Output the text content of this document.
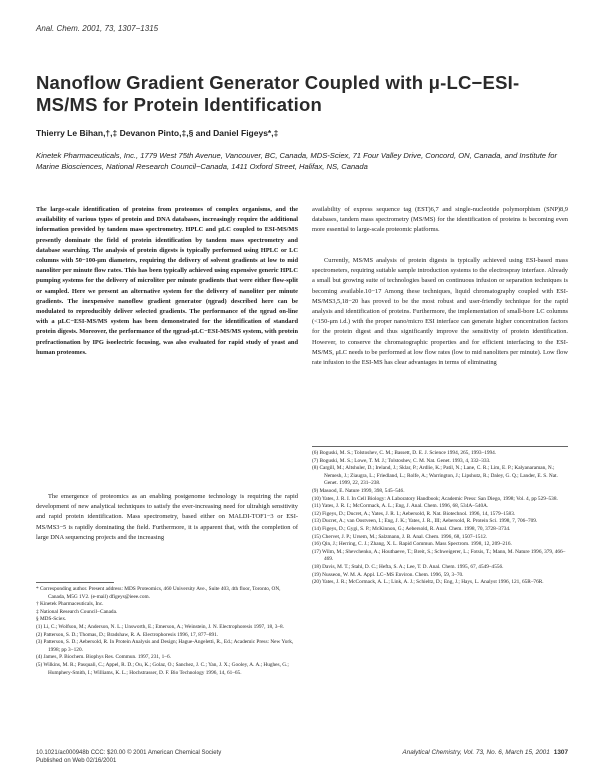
Anal. Chem. 2001, 73, 1307−1315
Nanoflow Gradient Generator Coupled with μ-LC−ESI-MS/MS for Protein Identification
Thierry Le Bihan,†,‡ Devanon Pinto,‡,§ and Daniel Figeys*,‡
Kinetek Pharmaceuticals, Inc., 1779 West 75th Avenue, Vancouver, BC, Canada, MDS-Sciex, 71 Four Valley Drive, Concord, ON, Canada, and Institute for Marine Biosciences, National Research Council−Canada, 1411 Oxford Street, Halifax, NS, Canada
The large-scale identification of proteins from proteomes of complex organisms, and the availability of various types of protein and DNA databases, increasingly require the additional information provided by tandem mass spectrometry. HPLC and μLC coupled to ESI-MS/MS presently dominate the field of protein identification by tandem mass spectrometry and database searching. The analysis of protein digests is typically performed using HPLC or LC columns with 50−100-μm diameters, requiring the delivery of solvent gradients at low to mid nanoliter per minute flow rates. This has been typically achieved using expensive generic HPLC pumping systems for the delivery of microliter per minute gradients that were either flow-split or sampled. Here we present an alternative system for the delivery of nanoliter per minute gradients. The inexpensive nanoflow gradient generator (ηgrad) described here can be modulated to reproducibly deliver selected gradients. The performance of the ηgrad on-line with a μLC−ESI-MS/MS system has been demonstrated for the identification of standard protein digests. Moreover, the performance of the ηgrad-μLC−ESI-MS/MS system, with protein prefractionation by IPG isoelectric focusing, was also evaluated for rapid study of yeast and human proteomes.
The emergence of proteomics as an enabling postgenome technology is requiring the rapid development of new analytical techniques to satisfy the ever-increasing need for ultrahigh sensitivity and rapid protein identification. Mass spectrometry, based either on MALDI-TOF1−3 or ESI-MS/MS3−5 is rapidly dominating the field. Furthermore, it is apparent that, with the completion of large DNA sequencing projects and the increasing
* Corresponding author. Present address: MDS Proteomics, 460 University Ave., Suite 403, 4th floor, Toronto, ON, Canada, M5G 1V2. (e-mail) dfigeys@ieee.com.
† Kinetek Pharmaceuticals, Inc.
‡ National Research Council−Canada.
§ MDS-Sciex.
(1) Li, C.; Wolfson, M.; Anderson, N. L.; Unsworth, E.; Emerson, A.; Weinstein, J. N. Electrophoresis 1997, 18, 3–8.
(2) Patterson, S. D.; Thomas, D.; Bradshaw, R. A. Electrophoresis 1996, 17, 877–891.
(3) Patterson, S. D.; Aebersold, R. In Protein Analysis and Design; Hague-Angeletti, R., Ed.; Academic Press: New York, 1998; pp 3−120.
(4) James, P. Biochem. Biophys Res. Commun. 1997, 231, 1–6.
(5) Wilkins, M. R.; Pasquali, C.; Appel, R. D.; Ou, K.; Golaz, O.; Sanchez, J. C.; Yan, J. X.; Gooley, A. A.; Hughes, G.; Humphery-Smith, I.; Williams, K. L.; Hochstrasser, D. F. Bio Technology 1996, 14, 61–65.
availability of express sequence tag (EST)6,7 and single-nucleotide polymorphism (SNP)8,9 databases, tandem mass spectrometry (MS/MS) for the identification of proteins is becoming even more essential to large-scale proteomic platforms.
Currently, MS/MS analysis of protein digests is typically achieved using ESI-based mass spectrometers, requiring suitable sample introduction systems to the electrospray interface. Already a small but growing suite of technologies based on continuous infusion or separation techniques is becoming available.10−17 Among these techniques, liquid chromatography coupled with ESI-MS/MS3,5,18−20 has proved to be the most robust and user-friendly technique for the rapid analysis and identification of proteins. Furthermore, the implementation of small-bore LC columns (<150-μm i.d.) with the proper nano/micro ESI interface can generate higher concentration factors for the protein digest and thus significantly improve the sensitivity of protein identification. However, to conserve the chromatographic properties and for efficient interfacing to the ESI-MS/MS, μLC needs to be performed at low flow rates (low to mid nanoliters per minute). Low flow rate infusion to the ESI-MS has clear advantages in terms of eliminating
(6) Boguski, M. S.; Tolstoshev, C. M.; Bassett, D. E. J. Science 1994, 265, 1993–1994.
(7) Boguski, M. S.; Lowe, T. M. J.; Tolstoshev, C. M. Nat. Genet. 1993, 4, 332–333.
(8) Cargill, M.; Altshuler, D.; Ireland, J.; Sklar, P.; Ardlie, K.; Patil, N.; Lane, C. R.; Lim, E. P.; Kalyanaraman, N.; Nemesh, J.; Ziaugra, L.; Friedland, L.; Rolfe, A.; Warrington, J.; Lipshutz, R.; Daley, G. Q.; Lander, E. S. Nat. Genet. 1999, 22, 231–238.
(9) Masood, E. Nature 1999, 398, 545–546.
(10) Yates, J. R. I. In Cell Biology: A Laboratory Handbook; Academic Press: San Diego, 1998; Vol. 4, pp 529–538.
(11) Yates, J. R. I.; McCormack, A. L.; Eng, J. Anal. Chem. 1996, 68, 534A−540A.
(12) Figeys, D.; Ducret, A.; Yates, J. R. I.; Aebersold, R. Nat. Biotechnol. 1996, 14, 1579–1583.
(13) Ducret, A.; van Oostveen, I.; Eng, J. K.; Yates, J. R., III; Aebersold, R. Protein Sci. 1998, 7, 706–709.
(14) Figeys, D.; Gygi, S. P.; McKinnon, G.; Aebersold, R. Anal. Chem. 1998, 70, 3728–3734.
(15) Chervet, J. P.; Ursem, M.; Salzmann, J. B. Anal. Chem. 1996, 68, 1507–1512.
(16) Qin, J.; Herring, C. J.; Zhang, X. L. Rapid Commun. Mass Spectrom. 1998, 12, 209–216.
(17) Wilm, M.; Shevchenko, A.; Houthaeve, T.; Breit, S.; Schweigerer, L.; Fotsis, T.; Mann, M. Nature 1996, 379, 466–469.
(18) Davis, M. T.; Stahl, D. C.; Hefta, S. A.; Lee, T. D. Anal. Chem. 1995, 67, 4549–4556.
(19) Nusseon, W. M. A. Appl. LC−MS Environ. Chem. 1996, 59, 3–70.
(20) Yates, J. R.; McCormack, A. L.; Link, A. J.; Schieltz, D.; Eng, J.; Hays, L. Analyst 1996, 121, 65R–76R.
10.1021/ac000948b CCC: $20.00 © 2001 American Chemical Society
Published on Web 02/16/2001
Analytical Chemistry, Vol. 73, No. 6, March 15, 2001 1307
